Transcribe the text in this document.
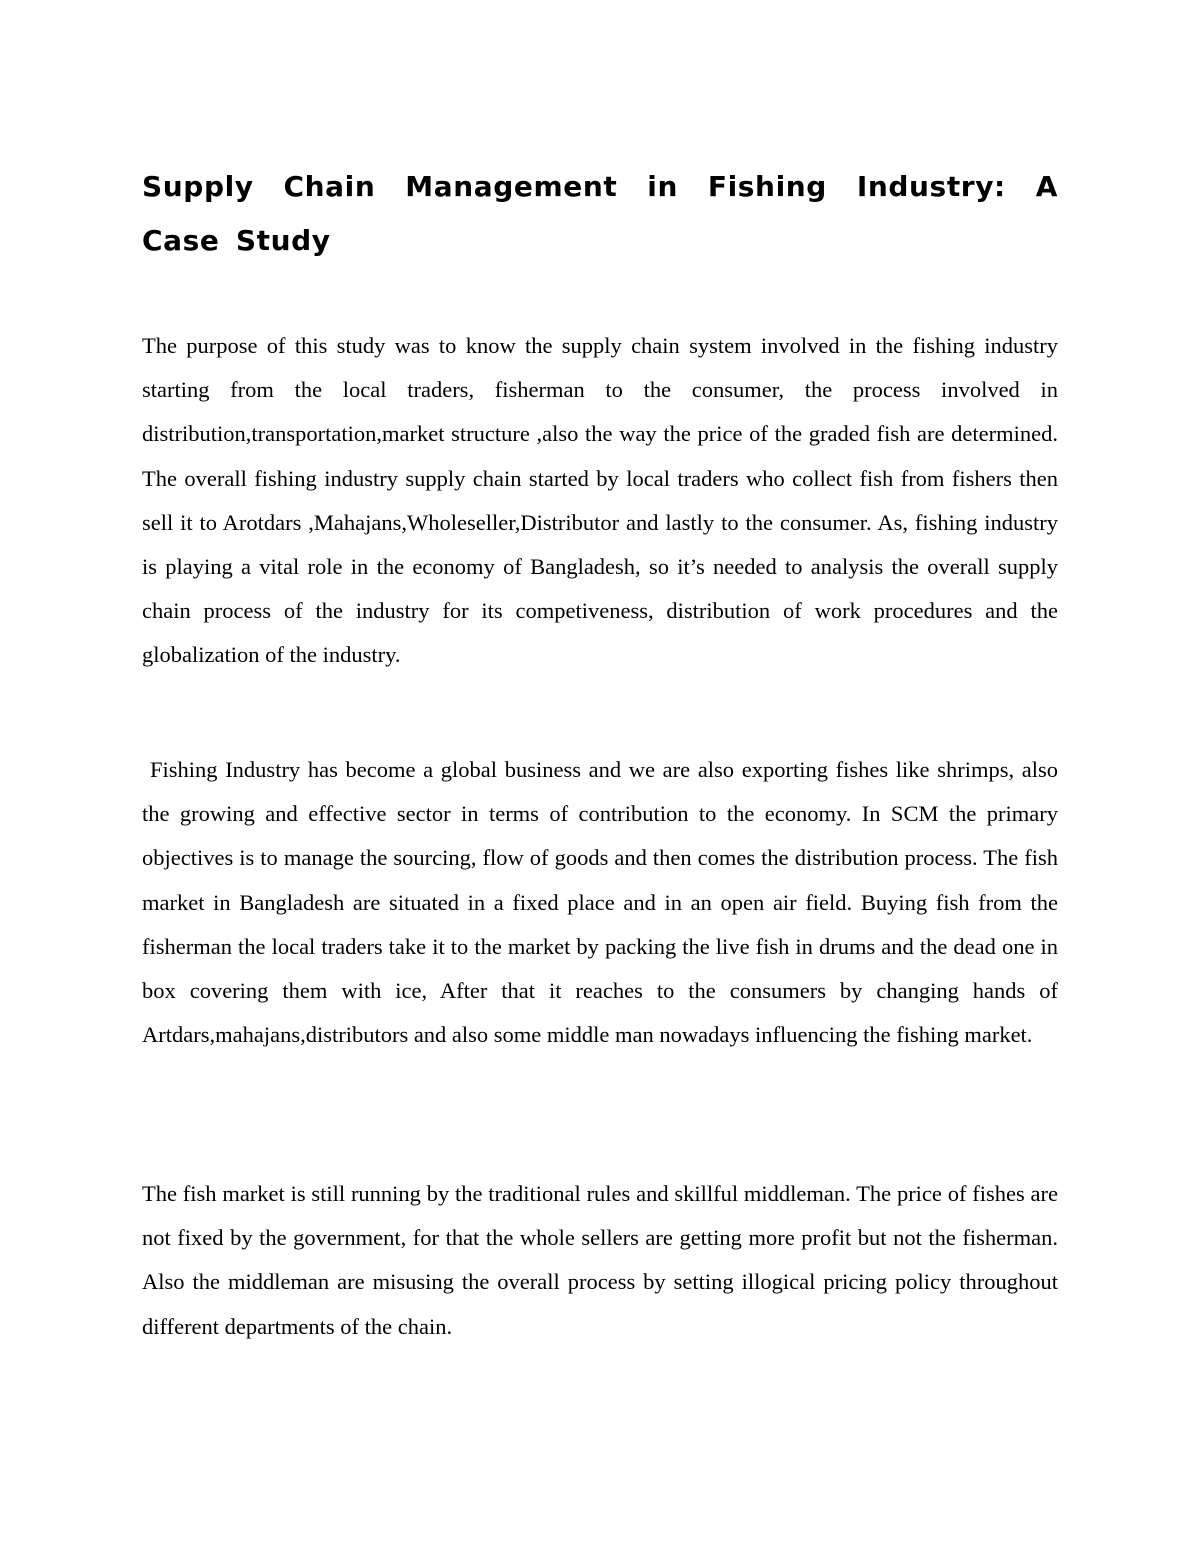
Supply Chain Management in Fishing Industry: A Case Study

The purpose of this study was to know the supply chain system involved in the fishing industry starting from the local traders, fisherman to the consumer, the process involved in distribution,transportation,market structure ,also the way the price of the graded fish are determined. The overall fishing industry supply chain started by local traders who collect fish from fishers then sell it to Arotdars ,Mahajans,Wholeseller,Distributor and lastly to the consumer. As, fishing industry is playing a vital role in the economy of Bangladesh, so it’s needed to analysis the overall supply chain process of the industry for its competiveness, distribution of work procedures and the globalization of the industry.

Fishing Industry has become a global business and we are also exporting fishes like shrimps, also the growing and effective sector in terms of contribution to the economy. In SCM the primary objectives is to manage the sourcing, flow of goods and then comes the distribution process. The fish market in Bangladesh are situated in a fixed place and in an open air field. Buying fish from the fisherman the local traders take it to the market by packing the live fish in drums and the dead one in box covering them with ice, After that it reaches to the consumers by changing hands of Artdars,mahajans,distributors and also some middle man nowadays influencing the fishing market.

The fish market is still running by the traditional rules and skillful middleman. The price of fishes are not fixed by the government, for that the whole sellers are getting more profit but not the fisherman. Also the middleman are misusing the overall process by setting illogical pricing policy throughout different departments of the chain.
